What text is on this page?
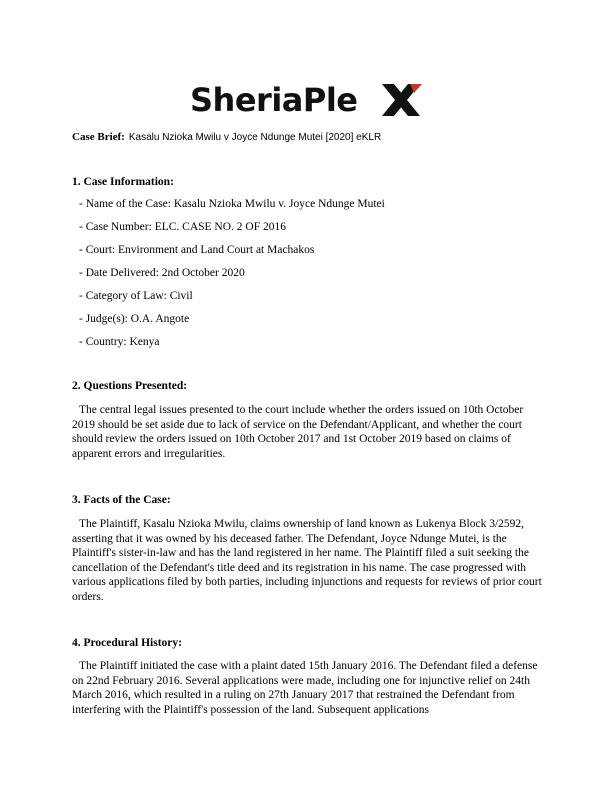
SheriaPle
Case Brief: Kasalu Nzioka Mwilu v Joyce Ndunge Mutei [2020] eKLR
1. Case Information:
- Name of the Case: Kasalu Nzioka Mwilu v. Joyce Ndunge Mutei
- Case Number: ELC. CASE NO. 2 OF 2016
- Court: Environment and Land Court at Machakos
- Date Delivered: 2nd October 2020
- Category of Law: Civil
- Judge(s): O.A. Angote
- Country: Kenya
2. Questions Presented:

The central legal issues presented to the court include whether the orders issued on 10th October 2019 should be set aside due to lack of service on the Defendant/Applicant, and whether the court should review the orders issued on 10th October 2017 and 1st October 2019 based on claims of apparent errors and irregularities.

3. Facts of the Case:

The Plaintiff, Kasalu Nzioka Mwilu, claims ownership of land known as Lukenya Block 3/2592, asserting that it was owned by his deceased father. The Defendant, Joyce Ndunge Mutei, is the Plaintiff's sister-in-law and has the land registered in her name. The Plaintiff filed a suit seeking the cancellation of the Defendant's title deed and its registration in his name. The case progressed with various applications filed by both parties, including injunctions and requests for reviews of prior court orders.

4. Procedural History:

The Plaintiff initiated the case with a plaint dated 15th January 2016. The Defendant filed a defense on 22nd February 2016. Several applications were made, including one for injunctive relief on 24th March 2016, which resulted in a ruling on 27th January 2017 that restrained the Defendant from interfering with the Plaintiff's possession of the land. Subsequent applications
